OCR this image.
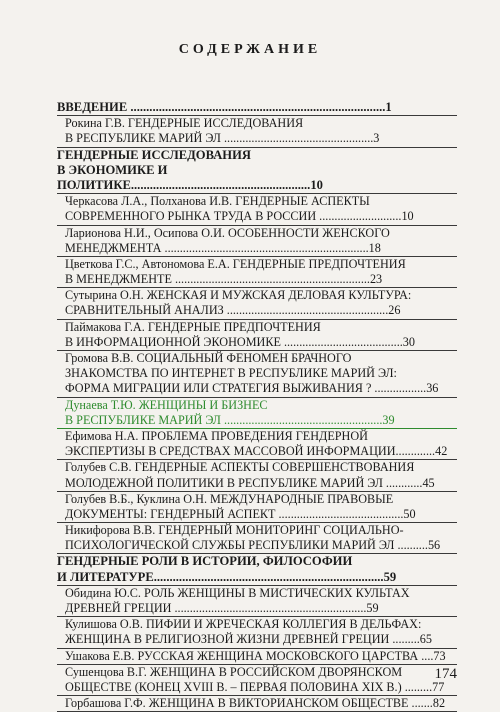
СОДЕРЖАНИЕ
ВВЕДЕНИЕ .................................................................................1
Рокина Г.В. ГЕНДЕРНЫЕ ИССЛЕДОВАНИЯ
В РЕСПУБЛИКЕ МАРИЙ ЭЛ .................................................3
ГЕНДЕРНЫЕ ИССЛЕДОВАНИЯ
В ЭКОНОМИКЕ И
ПОЛИТИКЕ.........................................................10
Черкасова Л.А., Полханова И.В. ГЕНДЕРНЫЕ АСПЕКТЫ
СОВРЕМЕННОГО РЫНКА ТРУДА В РОССИИ ...........................10
Ларионова Н.И., Осипова О.И. ОСОБЕННОСТИ ЖЕНСКОГО
МЕНЕДЖМЕНТА ...................................................................18
Цветкова Г.С., Автономова Е.А. ГЕНДЕРНЫЕ ПРЕДПОЧТЕНИЯ
В МЕНЕДЖМЕНТЕ ................................................................23
Сутырина О.Н. ЖЕНСКАЯ И МУЖСКАЯ ДЕЛОВАЯ КУЛЬТУРА:
СРАВНИТЕЛЬНЫЙ АНАЛИЗ .....................................................26
Паймакова Г.А. ГЕНДЕРНЫЕ ПРЕДПОЧТЕНИЯ
В ИНФОРМАЦИОННОЙ ЭКОНОМИКЕ .......................................30
Громова В.В. СОЦИАЛЬНЫЙ ФЕНОМЕН БРАЧНОГО
ЗНАКОМСТВА ПО ИНТЕРНЕТ В РЕСПУБЛИКЕ МАРИЙ ЭЛ:
ФОРМА МИГРАЦИИ ИЛИ СТРАТЕГИЯ ВЫЖИВАНИЯ ? .................36
Дунаева Т.Ю. ЖЕНЩИНЫ И БИЗНЕС
В РЕСПУБЛИКЕ МАРИЙ ЭЛ ....................................................39
Ефимова Н.А. ПРОБЛЕМА ПРОВЕДЕНИЯ ГЕНДЕРНОЙ
ЭКСПЕРТИЗЫ В СРЕДСТВАХ МАССОВОЙ ИНФОРМАЦИИ.............42
Голубев С.В. ГЕНДЕРНЫЕ АСПЕКТЫ СОВЕРШЕНСТВОВАНИЯ
МОЛОДЕЖНОЙ ПОЛИТИКИ В РЕСПУБЛИКЕ МАРИЙ ЭЛ ............45
Голубев В.Б., Куклина О.Н. МЕЖДУНАРОДНЫЕ ПРАВОВЫЕ
ДОКУМЕНТЫ: ГЕНДЕРНЫЙ АСПЕКТ .........................................50
Никифорова В.В. ГЕНДЕРНЫЙ МОНИТОРИНГ СОЦИАЛЬНО-
ПСИХОЛОГИЧЕСКОЙ СЛУЖБЫ РЕСПУБЛИКИ МАРИЙ ЭЛ ..........56
ГЕНДЕРНЫЕ РОЛИ В ИСТОРИИ, ФИЛОСОФИИ
И ЛИТЕРАТУРЕ.........................................................................59
Обидина Ю.С. РОЛЬ ЖЕНЩИНЫ В МИСТИЧЕСКИХ КУЛЬТАХ
ДРЕВНЕЙ ГРЕЦИИ ...............................................................59
Кулишова О.В. ПИФИИ И ЖРЕЧЕСКАЯ КОЛЛЕГИЯ В ДЕЛЬФАХ:
ЖЕНЩИНА В РЕЛИГИОЗНОЙ ЖИЗНИ ДРЕВНЕЙ ГРЕЦИИ .........65
Ушакова Е.В. РУССКАЯ ЖЕНЩИНА МОСКОВСКОГО ЦАРСТВА ....73
Сушенцова В.Г. ЖЕНЩИНА В РОССИЙСКОМ ДВОРЯНСКОМ
ОБЩЕСТВЕ (КОНЕЦ XVIII В. – ПЕРВАЯ ПОЛОВИНА XIX В.) .........77
Горбашова Г.Ф. ЖЕНЩИНА В ВИКТОРИАНСКОМ ОБЩЕСТВЕ .......82
174
